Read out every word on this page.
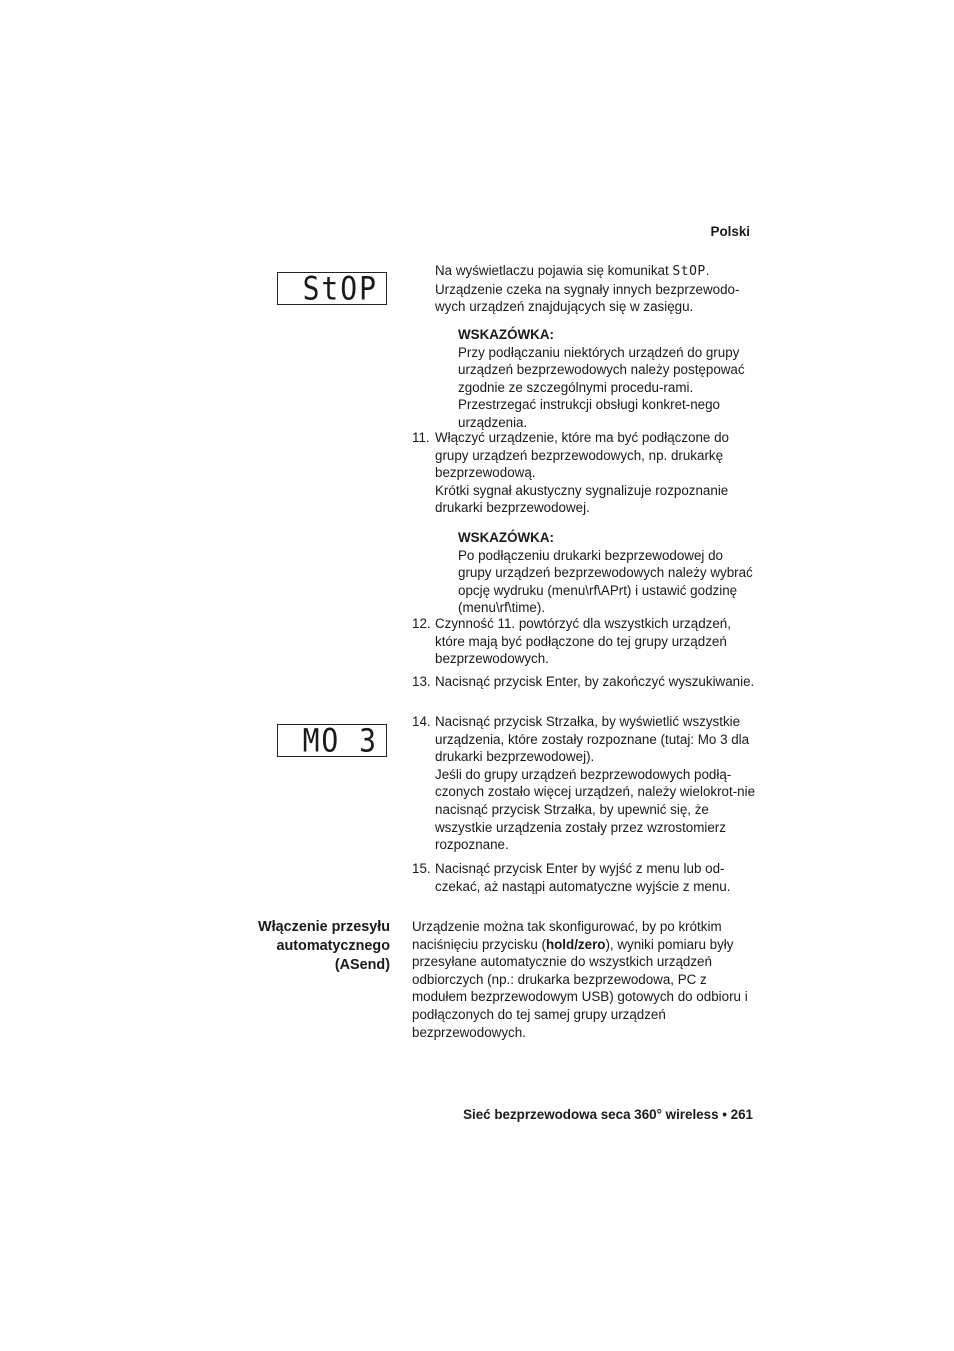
Polski
StOP	Na wyświetlaczu pojawia się komunikat StOP. Urządzenie czeka na sygnały innych bezprzewodo-wych urządzeń znajdujących się w zasięgu.

WSKAZÓWKA:
Przy podłączaniu niektórych urządzeń do grupy urządzeń bezprzewodowych należy postępować zgodnie ze szczególnymi procedu-rami. Przestrzegać instrukcji obsługi konkret-nego urządzenia.
11. Włączyć urządzenie, które ma być podłączone do grupy urządzeń bezprzewodowych, np. drukarkę bezprzewodową.
Krótki sygnał akustyczny sygnalizuje rozpoznanie drukarki bezprzewodowej.
WSKAZÓWKA:
Po podłączeniu drukarki bezprzewodowej do grupy urządzeń bezprzewodowych należy wybrać opcję wydruku (menu\rf\APrt) i ustawić godzinę (menu\rf\time).
12. Czynność 11. powtórzyć dla wszystkich urządzeń, które mają być podłączone do tej grupy urządzeń bezprzewodowych.
13. Nacisnąć przycisk Enter, by zakończyć wyszukiwanie.
MO 3	14. Nacisnąć przycisk Strzałka, by wyświetlić wszystkie urządzenia, które zostały rozpoznane (tutaj: Mo 3 dla drukarki bezprzewodowej).
Jeśli do grupy urządzeń bezprzewodowych podłą-czonych zostało więcej urządzeń, należy wielokrot-nie nacisnąć przycisk Strzałka, by upewnić się, że wszystkie urządzenia zostały przez wzrostomierz rozpoznane.
15. Nacisnąć przycisk Enter by wyjść z menu lub od-czekać, aż nastąpi automatyczne wyjście z menu.
Włączenie przesyłu
automatycznego
(ASend)
Urządzenie można tak skonfigurować, by po krótkim naciśnięciu przycisku (hold/zero), wyniki pomiaru były przesyłane automatycznie do wszystkich urządzeń odbiorczych (np.: drukarka bezprzewodowa, PC z modułem bezprzewodowym USB) gotowych do odbioru i podłączonych do tej samej grupy urządzeń bezprzewodowych.
Sieć bezprzewodowa seca 360° wireless • 261
